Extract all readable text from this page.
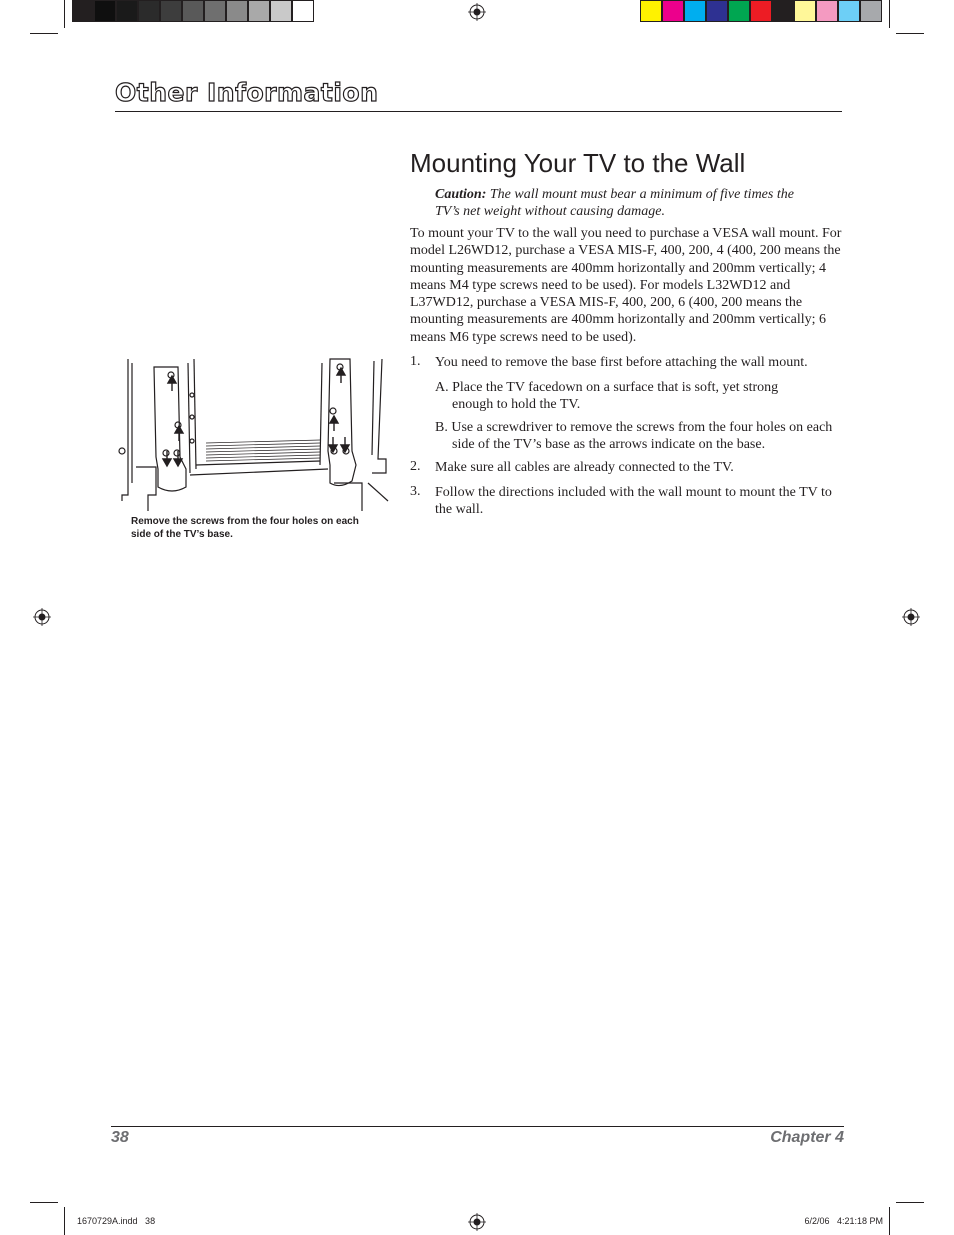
Other Information
Mounting Your TV to the Wall
Caution: The wall mount must bear a minimum of five times the TV’s net weight without causing damage.
To mount your TV to the wall you need to purchase a VESA wall mount. For model L26WD12, purchase a VESA MIS-F, 400, 200, 4 (400, 200 means the mounting measurements are 400mm horizontally and 200mm vertically; 4 means M4 type screws need to be used). For models L32WD12 and L37WD12, purchase a VESA MIS-F, 400, 200, 6 (400, 200 means the mounting measurements are 400mm horizontally and 200mm vertically; 6 means M6 type screws need to be used).
1. You need to remove the base first before attaching the wall mount.
A. Place the TV facedown on a surface that is soft, yet strong enough to hold the TV.
B. Use a screwdriver to remove the screws from the four holes on each side of the TV’s base as the arrows indicate on the base.
2. Make sure all cables are already connected to the TV.
3. Follow the directions included with the wall mount to mount the TV to the wall.
Remove the screws from the four holes on each side of the TV’s base.
38	Chapter 4
1670729A.indd   38	6/2/06   4:21:18 PM
